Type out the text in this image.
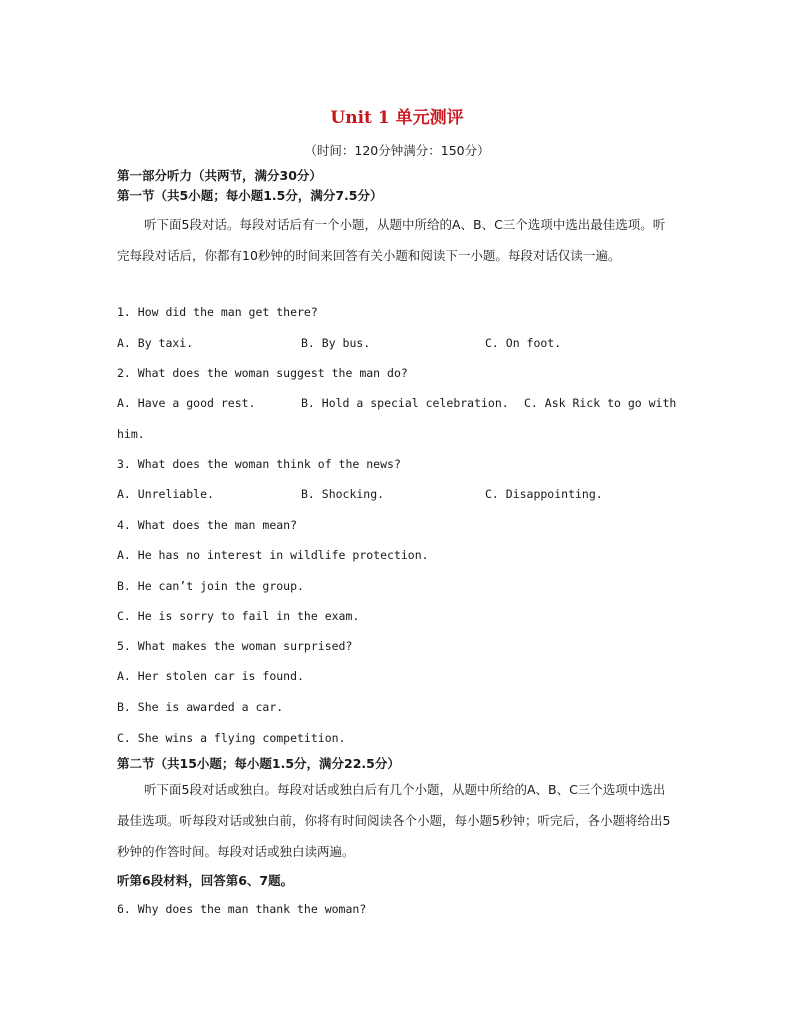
Unit 1 单元测评
（时间：120分钟满分：150分）
第一部分听力（共两节，满分30分）
第一节（共5小题；每小题1.5分，满分7.5分）

听下面5段对话。每段对话后有一个小题，从题中所给的A、B、C三个选项中选出最佳选项。听完每段对话后，你都有10秒钟的时间来回答有关小题和阅读下一小题。每段对话仅读一遍。

1. How did the man get there?
A. By taxi.	B. By bus.	C. On foot.
2. What does the woman suggest the man do?
A. Have a good rest.	B. Hold a special celebration. C. Ask Rick to go with
him.
3. What does the woman think of the news?
A. Unreliable.	B. Shocking.	C. Disappointing.
4. What does the man mean?
A. He has no interest in wildlife protection.
B. He can’t join the group.
C. He is sorry to fail in the exam.
5. What makes the woman surprised?
A. Her stolen car is found.
B. She is awarded a car.
C. She wins a flying competition.
第二节（共15小题；每小题1.5分，满分22.5分）

听下面5段对话或独白。每段对话或独白后有几个小题，从题中所给的A、B、C三个选项中选出最佳选项。听每段对话或独白前，你将有时间阅读各个小题，每小题5秒钟；听完后，各小题将给出5秒钟的作答时间。每段对话或独白读两遍。

听第6段材料，回答第6、7题。
6. Why does the man thank the woman?
